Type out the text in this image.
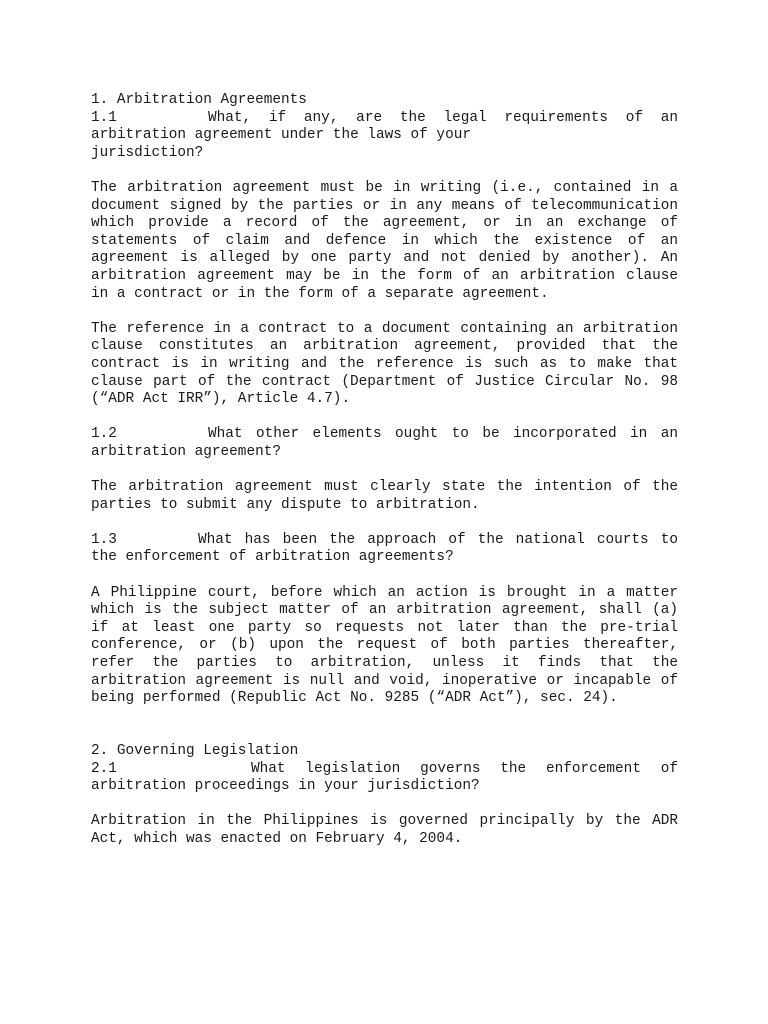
1. Arbitration Agreements

1.1	What, if any, are the legal requirements of an

arbitration agreement under the laws of your

jurisdiction?

The arbitration agreement must be in writing (i.e., contained in a document signed by the parties or in any means of telecommunication which provide a record of the agreement, or in an exchange of statements of claim and defence in which the existence of an agreement is alleged by one party and not denied by another). An arbitration agreement may be in the form of an arbitration clause in a contract or in the form of a separate agreement.

The reference in a contract to a document containing an arbitration clause constitutes an arbitration agreement, provided that the contract is in writing and the reference is such as to make that clause part of the contract (Department of Justice Circular No. 98 (“ADR Act IRR”), Article 4.7).

1.2	What other elements ought to be incorporated in an arbitration agreement?

The arbitration agreement must clearly state the intention of the parties to submit any dispute to arbitration.

1.3	What has been the approach of the national courts to the enforcement of arbitration agreements?

A Philippine court, before which an action is brought in a matter which is the subject matter of an arbitration agreement, shall (a) if at least one party so requests not later than the pre-trial conference, or (b) upon the request of both parties thereafter, refer the parties to arbitration, unless it finds that the arbitration agreement is null and void, inoperative or incapable of being performed (Republic Act No. 9285 (“ADR Act”), sec. 24).

2. Governing Legislation

2.1	What legislation governs the enforcement of arbitration proceedings in your jurisdiction?

Arbitration in the Philippines is governed principally by the ADR Act, which was enacted on February 4, 2004.
